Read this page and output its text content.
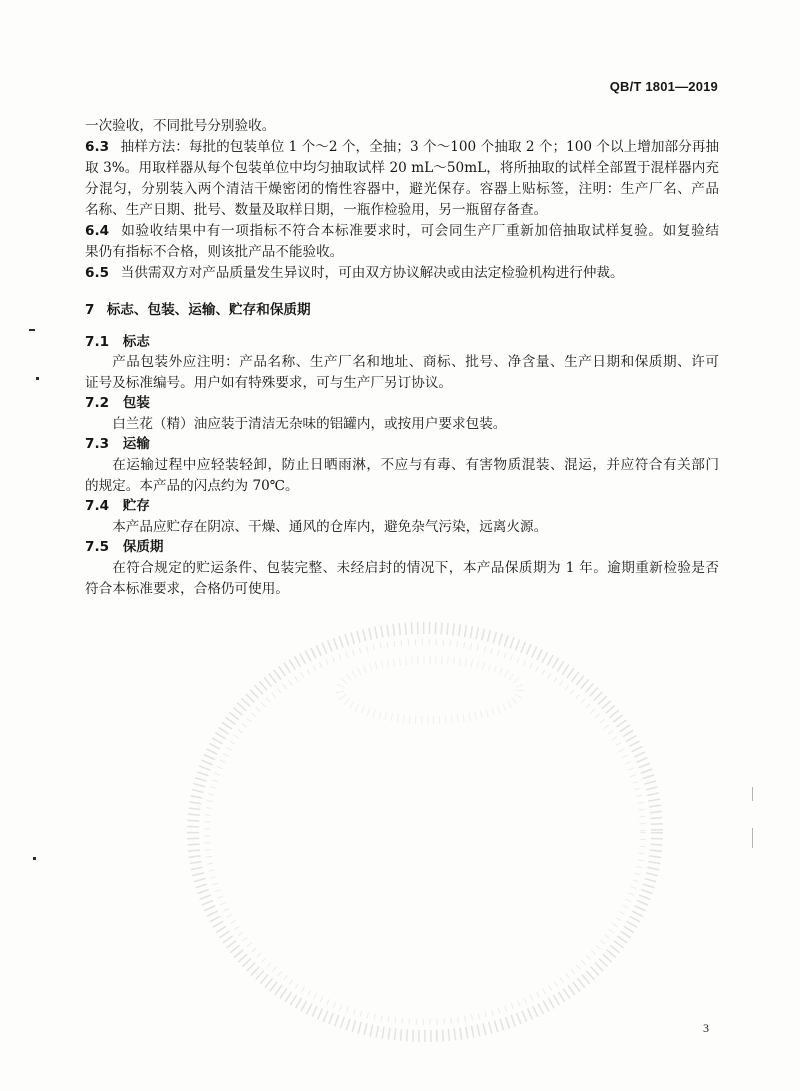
QB/T 1801—2019
一次验收，不同批号分别验收。
6.3 抽样方法：每批的包装单位 1 个～2 个，全抽；3 个～100 个抽取 2 个；100 个以上增加部分再抽
取 3%。用取样器从每个包装单位中均匀抽取试样 20 mL～50mL，将所抽取的试样全部置于混样器内充
分混匀，分别装入两个清洁干燥密闭的惰性容器中，避光保存。容器上贴标签，注明：生产厂名、产品
名称、生产日期、批号、数量及取样日期，一瓶作检验用，另一瓶留存备查。
6.4 如验收结果中有一项指标不符合本标准要求时，可会同生产厂重新加倍抽取试样复验。如复验结
果仍有指标不合格，则该批产品不能验收。
6.5 当供需双方对产品质量发生异议时，可由双方协议解决或由法定检验机构进行仲裁。
7 标志、包装、运输、贮存和保质期
7.1 标志
产品包装外应注明：产品名称、生产厂名和地址、商标、批号、净含量、生产日期和保质期、许可
证号及标准编号。用户如有特殊要求，可与生产厂另订协议。
7.2 包装
白兰花（精）油应装于清洁无杂味的铝罐内，或按用户要求包装。
7.3 运输
在运输过程中应轻装轻卸，防止日晒雨淋，不应与有毒、有害物质混装、混运，并应符合有关部门
的规定。本产品的闪点约为 70℃。
7.4 贮存
本产品应贮存在阴凉、干燥、通风的仓库内，避免杂气污染，远离火源。
7.5 保质期
在符合规定的贮运条件、包装完整、未经启封的情况下，本产品保质期为 1 年。逾期重新检验是否
符合本标准要求，合格仍可使用。
3
